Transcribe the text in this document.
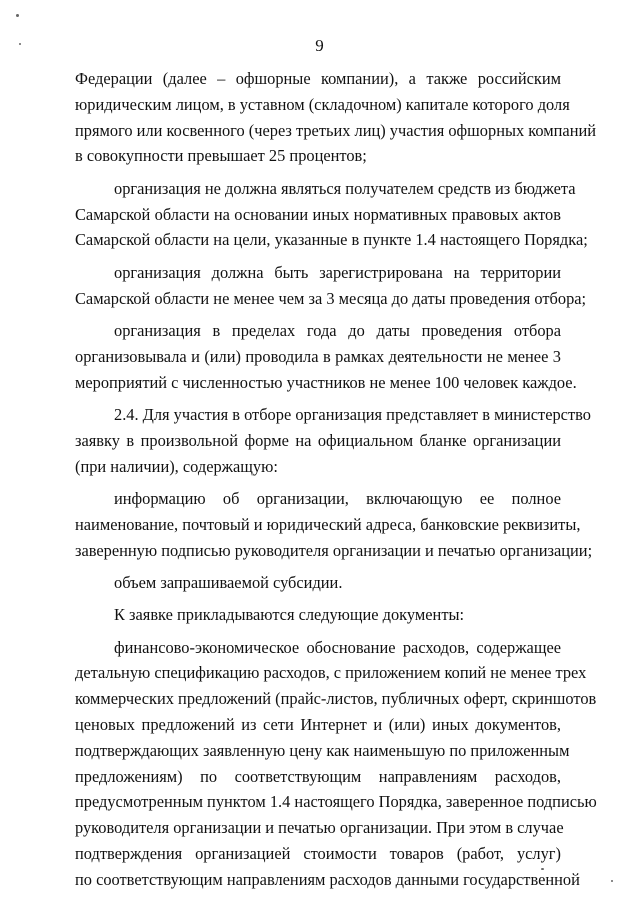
9

Федерации (далее – офшорные компании), а также российским
юридическим лицом, в уставном (складочном) капитале которого доля
прямого или косвенного (через третьих лиц) участия офшорных компаний
в совокупности превышает 25 процентов;

организация не должна являться получателем средств из бюджета
Самарской области на основании иных нормативных правовых актов
Самарской области на цели, указанные в пункте 1.4 настоящего Порядка;

организация должна быть зарегистрирована на территории
Самарской области не менее чем за 3 месяца до даты проведения отбора;

организация в пределах года до даты проведения отбора
организовывала и (или) проводила в рамках деятельности не менее 3
мероприятий с численностью участников не менее 100 человек каждое.

2.4. Для участия в отборе организация представляет в министерство
заявку в произвольной форме на официальном бланке организации
(при наличии), содержащую:

информацию об организации, включающую ее полное
наименование, почтовый и юридический адреса, банковские реквизиты,
заверенную подписью руководителя организации и печатью организации;

объем запрашиваемой субсидии.

К заявке прикладываются следующие документы:

финансово-экономическое обоснование расходов, содержащее
детальную спецификацию расходов, с приложением копий не менее трех
коммерческих предложений (прайс-листов, публичных оферт, скриншотов
ценовых предложений из сети Интернет и (или) иных документов,
подтверждающих заявленную цену как наименьшую по приложенным
предложениям) по соответствующим направлениям расходов,
предусмотренным пунктом 1.4 настоящего Порядка, заверенное подписью
руководителя организации и печатью организации. При этом в случае
подтверждения организацией стоимости товаров (работ, услуг)
по соответствующим направлениям расходов данными государственной
